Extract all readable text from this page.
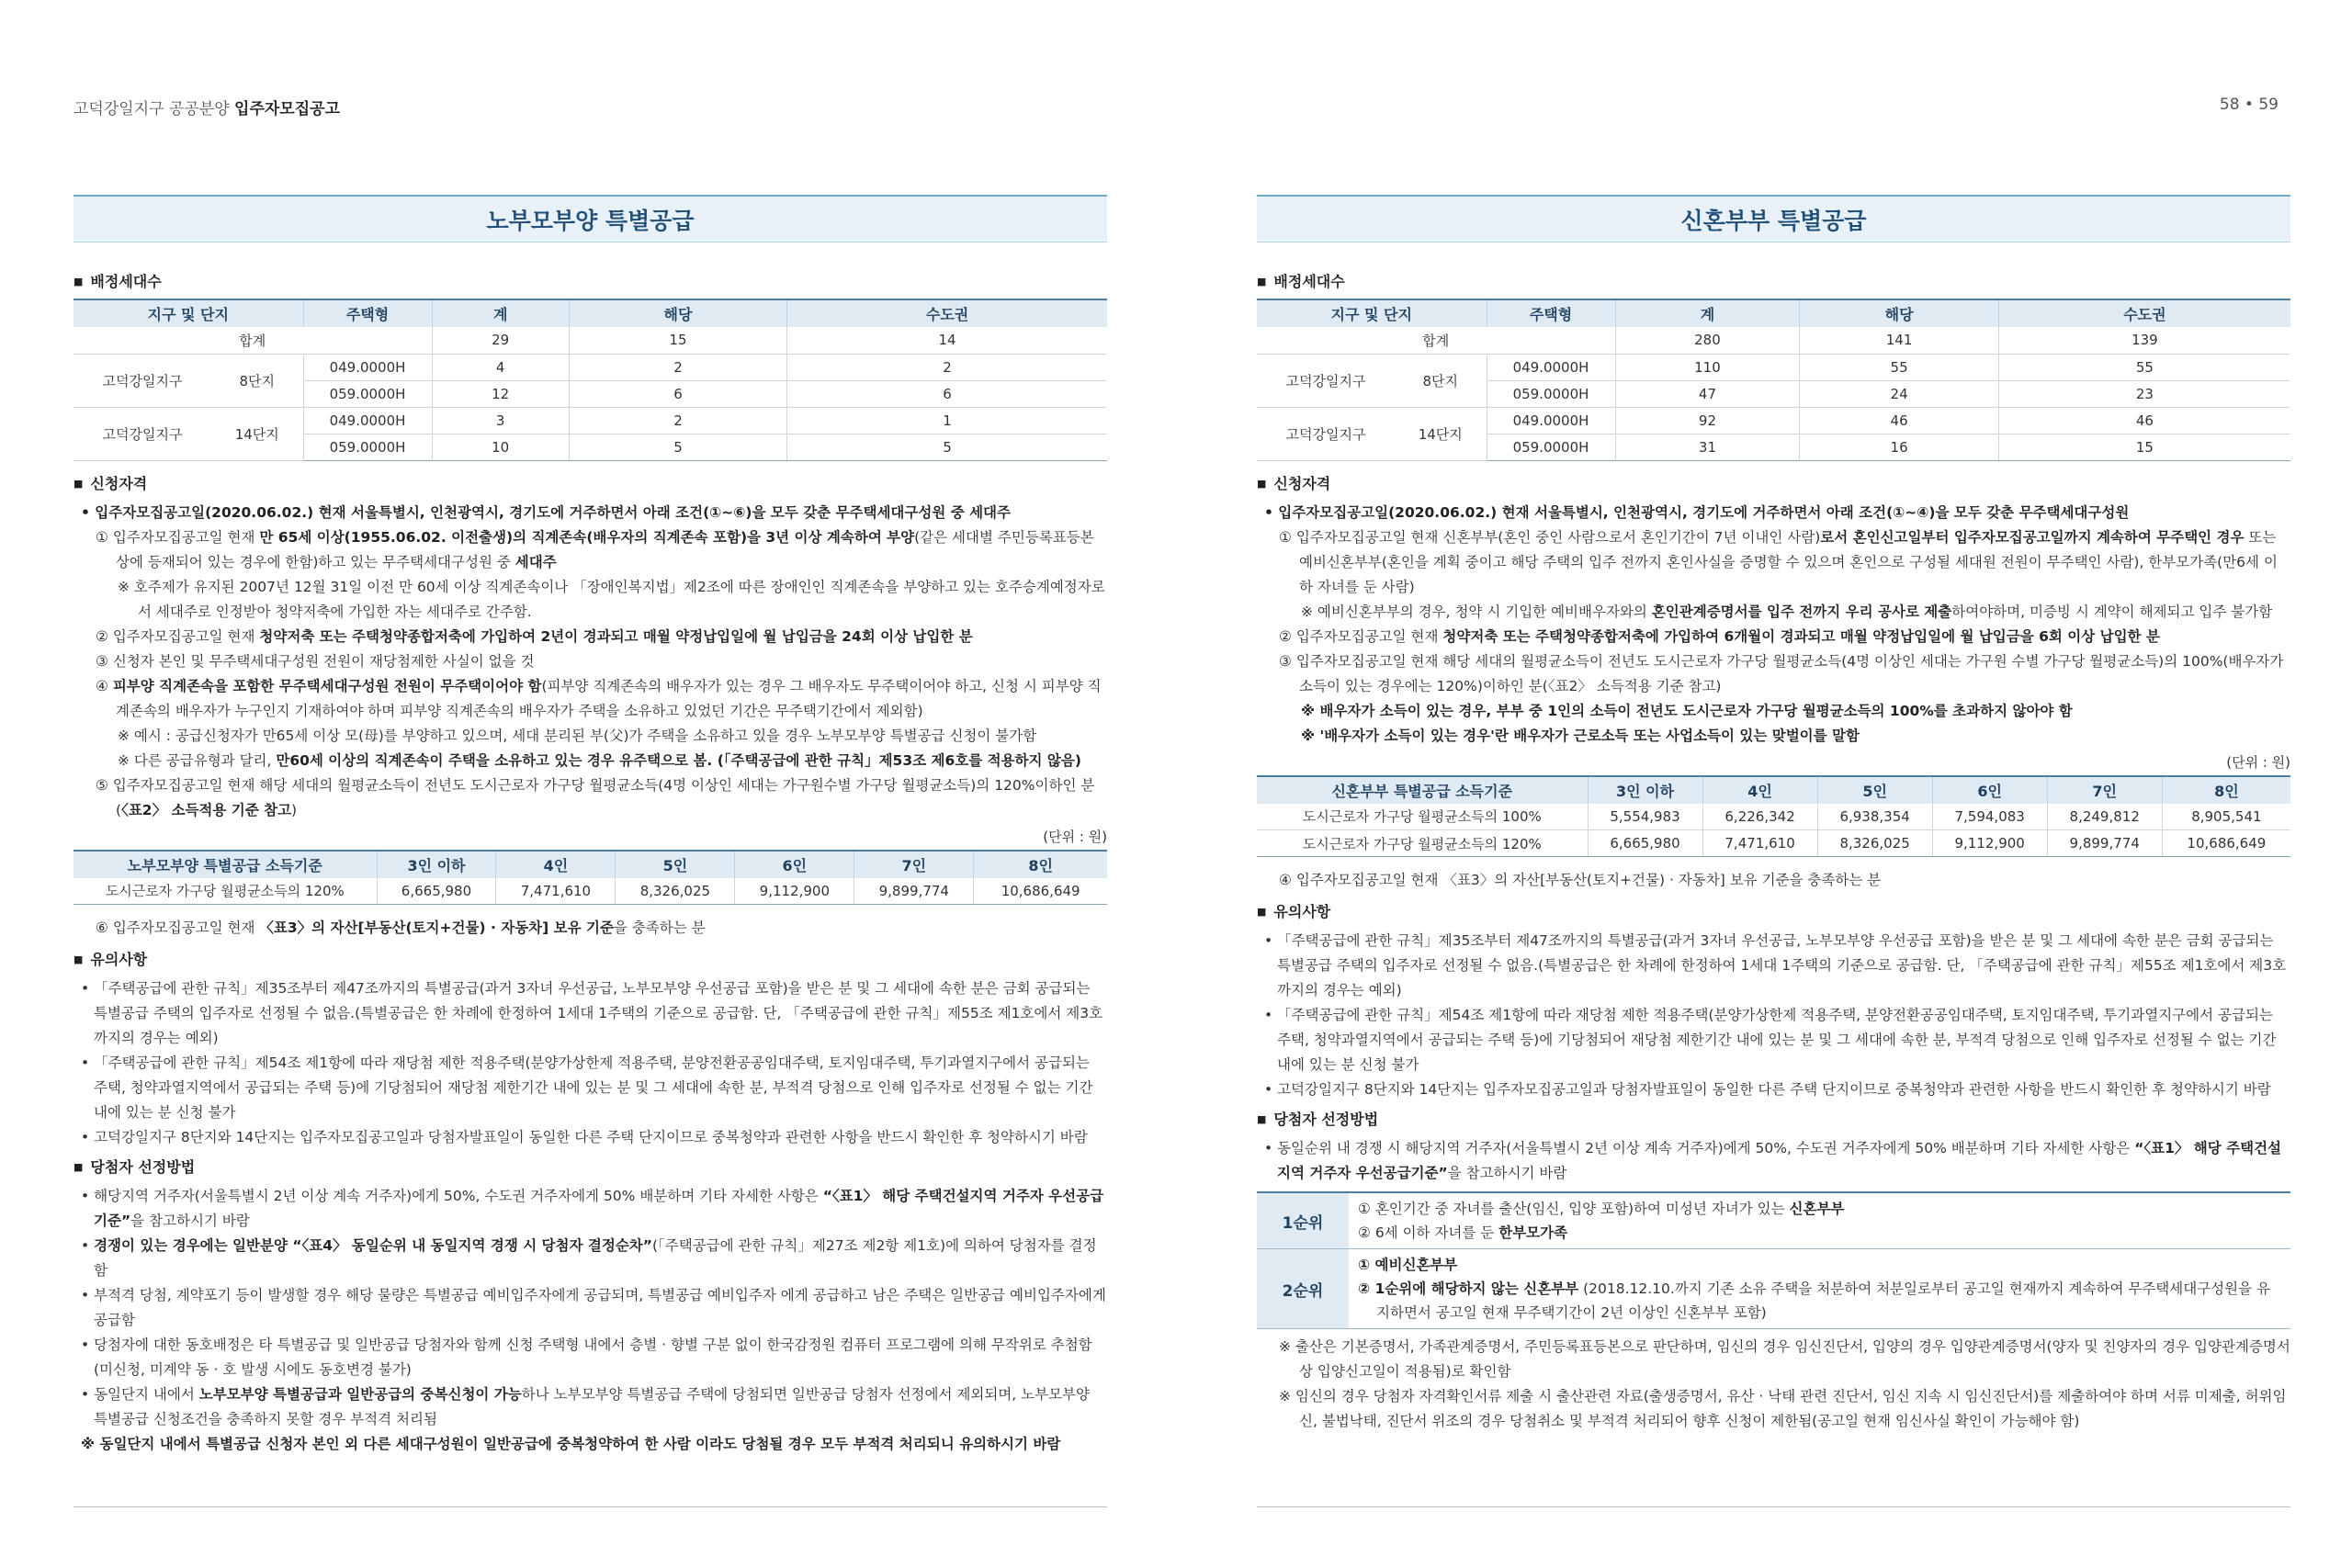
고덕강일지구 공공분양 입주자모집공고	58 • 59
노부모부양 특별공급
■ 배정세대수
지구 및 단지		주택형	계	해당	수도권
합계			29	15	14
고덕강일지구	8단지	049.0000H	4	2	2
		059.0000H	12	6	6
고덕강일지구	14단지	049.0000H	3	2	1
		059.0000H	10	5	5
■ 신청자격
• 입주자모집공고일(2020.06.02.) 현재 서울특별시, 인천광역시, 경기도에 거주하면서 아래 조건(①~⑥)을 모두 갖춘 무주택세대구성원 중 세대주
① 입주자모집공고일 현재 만 65세 이상(1955.06.02. 이전출생)의 직계존속(배우자의 직계존속 포함)을 3년 이상 계속하여 부양(같은 세대별 주민등록표등본상에 등재되어 있는 경우에 한함)하고 있는 무주택세대구성원 중 세대주
※ 호주제가 유지된 2007년 12월 31일 이전 만 60세 이상 직계존속이나 「장애인복지법」제2조에 따른 장애인인 직계존속을 부양하고 있는 호주승계예정자로서 세대주로 인정받아 청약저축에 가입한 자는 세대주로 간주함.
② 입주자모집공고일 현재 청약저축 또는 주택청약종합저축에 가입하여 2년이 경과되고 매월 약정납입일에 월 납입금을 24회 이상 납입한 분
③ 신청자 본인 및 무주택세대구성원 전원이 재당첨제한 사실이 없을 것
④ 피부양 직계존속을 포함한 무주택세대구성원 전원이 무주택이어야 함(피부양 직계존속의 배우자가 있는 경우 그 배우자도 무주택이어야 하고, 신청 시 피부양 직계존속의 배우자가 누구인지 기재하여야 하며 피부양 직계존속의 배우자가 주택을 소유하고 있었던 기간은 무주택기간에서 제외함)
※ 예시 : 공급신청자가 만65세 이상 모(母)를 부양하고 있으며, 세대 분리된 부(父)가 주택을 소유하고 있을 경우 노부모부양 특별공급 신청이 불가함
※ 다른 공급유형과 달리, 만60세 이상의 직계존속이 주택을 소유하고 있는 경우 유주택으로 봄. (「주택공급에 관한 규칙」제53조 제6호를 적용하지 않음)
⑤ 입주자모집공고일 현재 해당 세대의 월평균소득이 전년도 도시근로자 가구당 월평균소득(4명 이상인 세대는 가구원수별 가구당 월평균소득)의 120%이하인 분(〈표2〉 소득적용 기준 참고)
(단위 : 원)
노부모부양 특별공급 소득기준	3인 이하	4인	5인	6인	7인	8인
도시근로자 가구당 월평균소득의 120%	6,665,980	7,471,610	8,326,025	9,112,900	9,899,774	10,686,649
⑥ 입주자모집공고일 현재 〈표3〉의 자산[부동산(토지+건물) · 자동차] 보유 기준을 충족하는 분
■ 유의사항
• 「주택공급에 관한 규칙」제35조부터 제47조까지의 특별공급(과거 3자녀 우선공급, 노부모부양 우선공급 포함)을 받은 분 및 그 세대에 속한 분은 금회 공급되는 특별공급 주택의 입주자로 선정될 수 없음.(특별공급은 한 차례에 한정하여 1세대 1주택의 기준으로 공급함. 단, 「주택공급에 관한 규칙」제55조 제1호에서 제3호까지의 경우는 예외)
• 「주택공급에 관한 규칙」제54조 제1항에 따라 재당첨 제한 적용주택(분양가상한제 적용주택, 분양전환공공임대주택, 토지임대주택, 투기과열지구에서 공급되는 주택, 청약과열지역에서 공급되는 주택 등)에 기당첨되어 재당첨 제한기간 내에 있는 분 및 그 세대에 속한 분, 부적격 당첨으로 인해 입주자로 선정될 수 없는 기간 내에 있는 분 신청 불가
• 고덕강일지구 8단지와 14단지는 입주자모집공고일과 당첨자발표일이 동일한 다른 주택 단지이므로 중복청약과 관련한 사항을 반드시 확인한 후 청약하시기 바람
■ 당첨자 선정방법
• 해당지역 거주자(서울특별시 2년 이상 계속 거주자)에게 50%, 수도권 거주자에게 50% 배분하며 기타 자세한 사항은 “〈표1〉 해당 주택건설지역 거주자 우선공급기준”을 참고하시기 바람
• 경쟁이 있는 경우에는 일반분양 “〈표4〉 동일순위 내 동일지역 경쟁 시 당첨자 결정순차”(「주택공급에 관한 규칙」제27조 제2항 제1호)에 의하여 당첨자를 결정함
• 부적격 당첨, 계약포기 등이 발생할 경우 해당 물량은 특별공급 예비입주자에게 공급되며, 특별공급 예비입주자 에게 공급하고 남은 주택은 일반공급 예비입주자에게 공급함
• 당첨자에 대한 동호배정은 타 특별공급 및 일반공급 당첨자와 함께 신청 주택형 내에서 층별 · 향별 구분 없이 한국감정원 컴퓨터 프로그램에 의해 무작위로 추첨함(미신청, 미계약 동 · 호 발생 시에도 동호변경 불가)
• 동일단지 내에서 노부모부양 특별공급과 일반공급의 중복신청이 가능하나 노부모부양 특별공급 주택에 당첨되면 일반공급 당첨자 선정에서 제외되며, 노부모부양 특별공급 신청조건을 충족하지 못할 경우 부적격 처리됨
※ 동일단지 내에서 특별공급 신청자 본인 외 다른 세대구성원이 일반공급에 중복청약하여 한 사람 이라도 당첨될 경우 모두 부적격 처리되니 유의하시기 바람
신혼부부 특별공급
■ 배정세대수
지구 및 단지		주택형	계	해당	수도권
합계			280	141	139
고덕강일지구	8단지	049.0000H	110	55	55
		059.0000H	47	24	23
고덕강일지구	14단지	049.0000H	92	46	46
		059.0000H	31	16	15
■ 신청자격
• 입주자모집공고일(2020.06.02.) 현재 서울특별시, 인천광역시, 경기도에 거주하면서 아래 조건(①~④)을 모두 갖춘 무주택세대구성원
① 입주자모집공고일 현재 신혼부부(혼인 중인 사람으로서 혼인기간이 7년 이내인 사람)로서 혼인신고일부터 입주자모집공고일까지 계속하여 무주택인 경우 또는 예비신혼부부(혼인을 계획 중이고 해당 주택의 입주 전까지 혼인사실을 증명할 수 있으며 혼인으로 구성될 세대원 전원이 무주택인 사람), 한부모가족(만6세 이하 자녀를 둔 사람)
※ 예비신혼부부의 경우, 청약 시 기입한 예비배우자와의 혼인관계증명서를 입주 전까지 우리 공사로 제출하여야하며, 미증빙 시 계약이 해제되고 입주 불가함
② 입주자모집공고일 현재 청약저축 또는 주택청약종합저축에 가입하여 6개월이 경과되고 매월 약정납입일에 월 납입금을 6회 이상 납입한 분
③ 입주자모집공고일 현재 해당 세대의 월평균소득이 전년도 도시근로자 가구당 월평균소득(4명 이상인 세대는 가구원 수별 가구당 월평균소득)의 100%(배우자가 소득이 있는 경우에는 120%)이하인 분(〈표2〉 소득적용 기준 참고)
※ 배우자가 소득이 있는 경우, 부부 중 1인의 소득이 전년도 도시근로자 가구당 월평균소득의 100%를 초과하지 않아야 함
※ '배우자가 소득이 있는 경우'란 배우자가 근로소득 또는 사업소득이 있는 맞벌이를 말함
(단위 : 원)
신혼부부 특별공급 소득기준	3인 이하	4인	5인	6인	7인	8인
도시근로자 가구당 월평균소득의 100%	5,554,983	6,226,342	6,938,354	7,594,083	8,249,812	8,905,541
도시근로자 가구당 월평균소득의 120%	6,665,980	7,471,610	8,326,025	9,112,900	9,899,774	10,686,649
④ 입주자모집공고일 현재 〈표3〉의 자산[부동산(토지+건물) · 자동차] 보유 기준을 충족하는 분
■ 유의사항
• 「주택공급에 관한 규칙」제35조부터 제47조까지의 특별공급(과거 3자녀 우선공급, 노부모부양 우선공급 포함)을 받은 분 및 그 세대에 속한 분은 금회 공급되는 특별공급 주택의 입주자로 선정될 수 없음.(특별공급은 한 차례에 한정하여 1세대 1주택의 기준으로 공급함. 단, 「주택공급에 관한 규칙」제55조 제1호에서 제3호까지의 경우는 예외)
• 「주택공급에 관한 규칙」제54조 제1항에 따라 재당첨 제한 적용주택(분양가상한제 적용주택, 분양전환공공임대주택, 토지임대주택, 투기과열지구에서 공급되는 주택, 청약과열지역에서 공급되는 주택 등)에 기당첨되어 재당첨 제한기간 내에 있는 분 및 그 세대에 속한 분, 부적격 당첨으로 인해 입주자로 선정될 수 없는 기간 내에 있는 분 신청 불가
• 고덕강일지구 8단지와 14단지는 입주자모집공고일과 당첨자발표일이 동일한 다른 주택 단지이므로 중복청약과 관련한 사항을 반드시 확인한 후 청약하시기 바람
■ 당첨자 선정방법
• 동일순위 내 경쟁 시 해당지역 거주자(서울특별시 2년 이상 계속 거주자)에게 50%, 수도권 거주자에게 50% 배분하며 기타 자세한 사항은 “〈표1〉 해당 주택건설지역 거주자 우선공급기준”을 참고하시기 바람
1순위	① 혼인기간 중 자녀를 출산(임신, 입양 포함)하여 미성년 자녀가 있는 신혼부부
② 6세 이하 자녀를 둔 한부모가족

2순위	① 예비신혼부부
② 1순위에 해당하지 않는 신혼부부 (2018.12.10.까지 기존 소유 주택을 처분하여 처분일로부터 공고일 현재까지 계속하여 무주택세대구성원을 유지하면서 공고일 현재 무주택기간이 2년 이상인 신혼부부 포함)
※ 출산은 기본증명서, 가족관계증명서, 주민등록표등본으로 판단하며, 임신의 경우 임신진단서, 입양의 경우 입양관계증명서(양자 및 친양자의 경우 입양관계증명서상 입양신고일이 적용됨)로 확인함
※ 임신의 경우 당첨자 자격확인서류 제출 시 출산관련 자료(출생증명서, 유산 · 낙태 관련 진단서, 임신 지속 시 임신진단서)를 제출하여야 하며 서류 미제출, 허위임신, 불법낙태, 진단서 위조의 경우 당첨취소 및 부적격 처리되어 향후 신청이 제한됨(공고일 현재 임신사실 확인이 가능해야 함)
